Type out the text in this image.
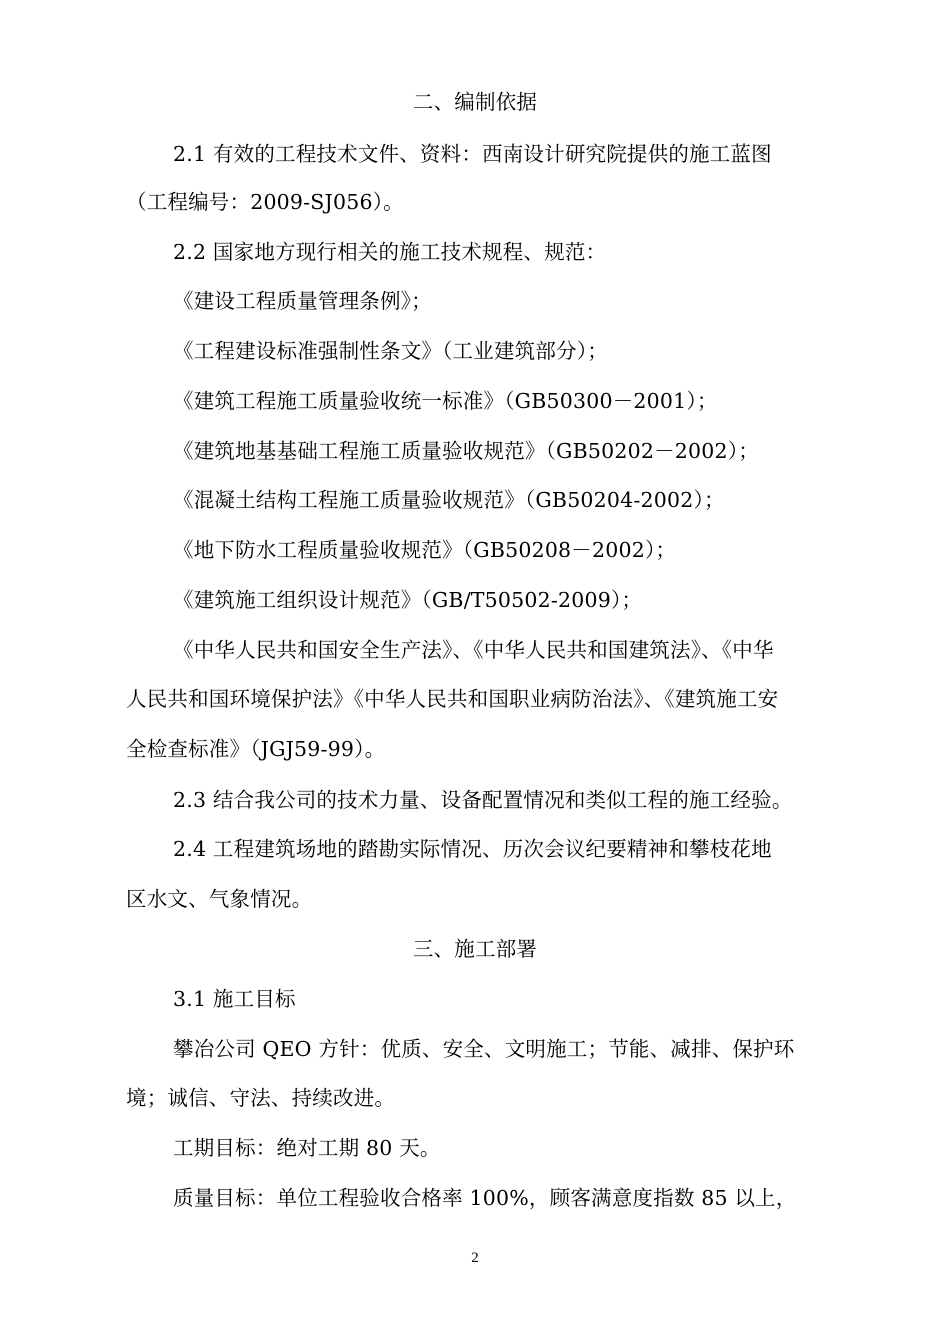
二、编制依据
2.1 有效的工程技术文件、资料：西南设计研究院提供的施工蓝图
（工程编号：2009-SJ056）。
2.2 国家地方现行相关的施工技术规程、规范：
《建设工程质量管理条例》；
《工程建设标准强制性条文》（工业建筑部分）；
《建筑工程施工质量验收统一标准》（GB50300－2001）；
《建筑地基基础工程施工质量验收规范》（GB50202－2002）；
《混凝土结构工程施工质量验收规范》（GB50204-2002）；
《地下防水工程质量验收规范》（GB50208－2002）；
《建筑施工组织设计规范》（GB/T50502-2009）；
《中华人民共和国安全生产法》、《中华人民共和国建筑法》、《中华
人民共和国环境保护法》《中华人民共和国职业病防治法》、《建筑施工安
全检查标准》（JGJ59-99）。
2.3 结合我公司的技术力量、设备配置情况和类似工程的施工经验。
2.4 工程建筑场地的踏勘实际情况、历次会议纪要精神和攀枝花地
区水文、气象情况。
三、施工部署
3.1 施工目标
攀冶公司 QEO 方针：优质、安全、文明施工；节能、减排、保护环
境；诚信、守法、持续改进。
工期目标：绝对工期 80 天。
质量目标：单位工程验收合格率 100%，顾客满意度指数 85 以上，
2
